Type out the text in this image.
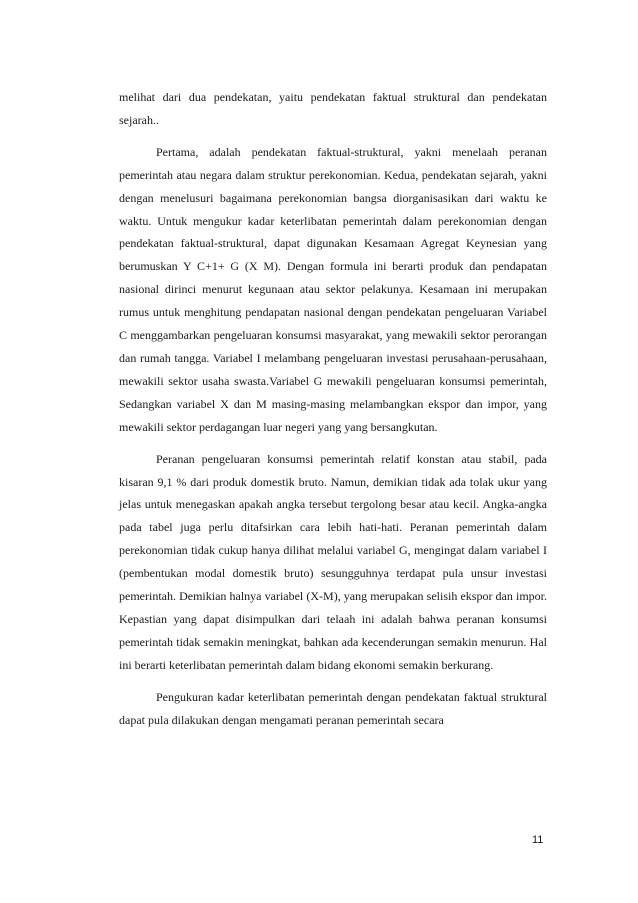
melihat dari dua pendekatan, yaitu pendekatan faktual struktural dan pendekatan sejarah..

Pertama, adalah pendekatan faktual-struktural, yakni menelaah peranan pemerintah atau negara dalam struktur perekonomian. Kedua, pendekatan sejarah, yakni dengan menelusuri bagaimana perekonomian bangsa diorganisasikan dari waktu ke waktu. Untuk mengukur kadar keterlibatan pemerintah dalam perekonomian dengan pendekatan faktual-struktural, dapat digunakan Kesamaan Agregat Keynesian yang berumuskan Y C+1+ G (X M). Dengan formula ini berarti produk dan pendapatan nasional dirinci menurut kegunaan atau sektor pelakunya. Kesamaan ini merupakan rumus untuk menghitung pendapatan nasional dengan pendekatan pengeluaran Variabel C menggambarkan pengeluaran konsumsi masyarakat, yang mewakili sektor perorangan dan rumah tangga. Variabel I melambang pengeluaran investasi perusahaan-perusahaan, mewakili sektor usaha swasta.Variabel G mewakili pengeluaran konsumsi pemerintah, Sedangkan variabel X dan M masing-masing melambangkan ekspor dan impor, yang mewakili sektor perdagangan luar negeri yang yang bersangkutan.

Peranan pengeluaran konsumsi pemerintah relatif konstan atau stabil, pada kisaran 9,1 % dari produk domestik bruto. Namun, demikian tidak ada tolak ukur yang jelas untuk menegaskan apakah angka tersebut tergolong besar atau kecil. Angka-angka pada tabel juga perlu ditafsirkan cara lebih hati-hati. Peranan pemerintah dalam perekonomian tidak cukup hanya dilihat melalui variabel G, mengingat dalam variabel I (pembentukan modal domestik bruto) sesungguhnya terdapat pula unsur investasi pemerintah. Demikian halnya variabel (X-M), yang merupakan selisih ekspor dan impor. Kepastian yang dapat disimpulkan dari telaah ini adalah bahwa peranan konsumsi pemerintah tidak semakin meningkat, bahkan ada kecenderungan semakin menurun. Hal ini berarti keterlibatan pemerintah dalam bidang ekonomi semakin berkurang.

Pengukuran kadar keterlibatan pemerintah dengan pendekatan faktual struktural dapat pula dilakukan dengan mengamati peranan pemerintah secara

11
